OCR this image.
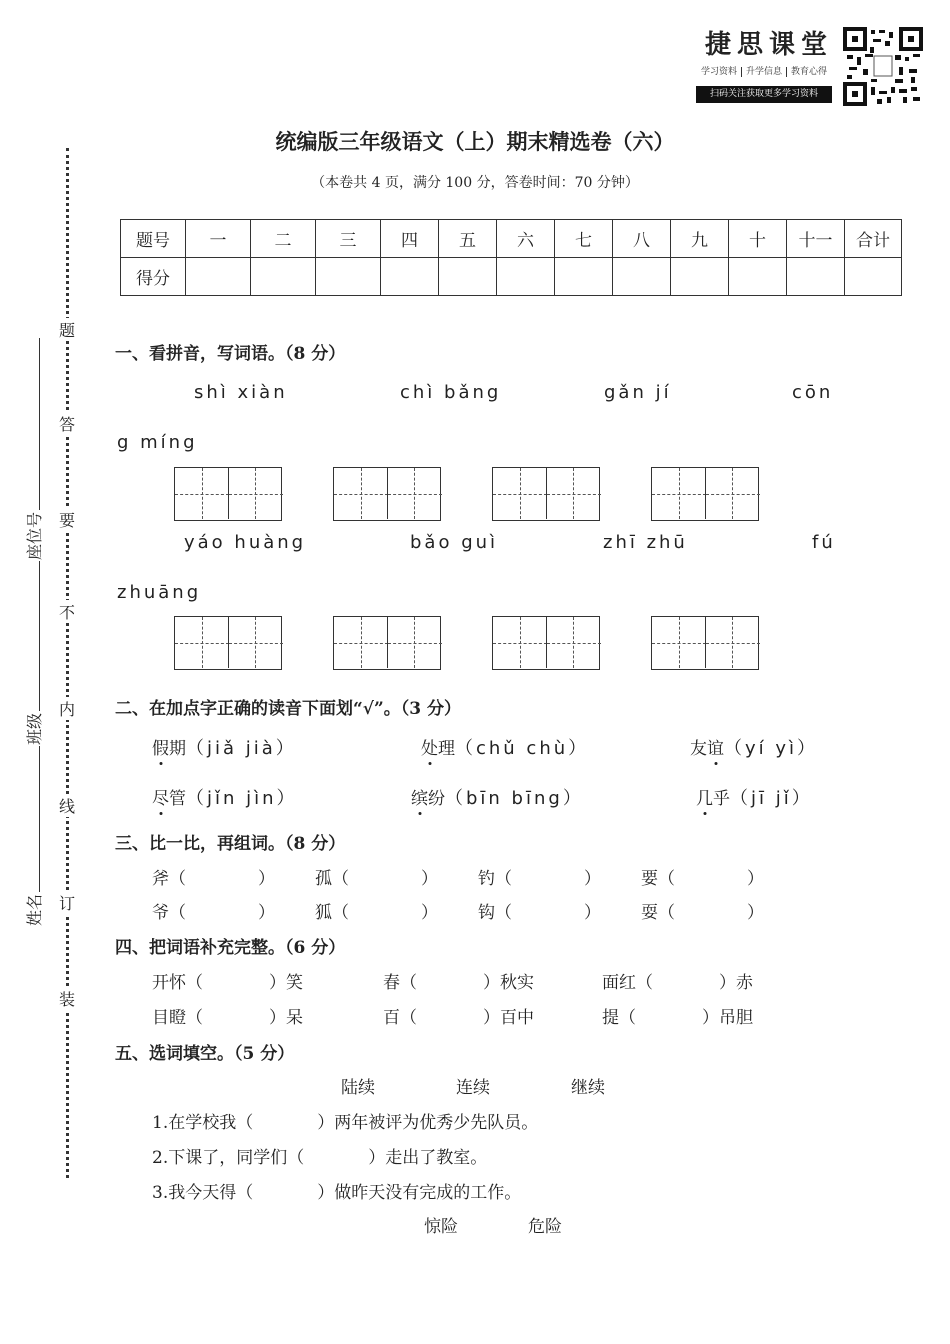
捷思课堂
学习资料 升学信息 教育心得
扫码关注获取更多学习资料
统编版三年级语文（上）期末精选卷（六）
（本卷共 4 页，满分 100 分，答卷时间：70 分钟）
题号	一	二	三	四	五	六	七	八	九	十	十一	合计
得分												
题
答
要
不
内
线
订
装
座位号
班级
姓名
一、看拼音，写词语。（8 分）
shì xiàn	chì bǎng	gǎn jí	cōn
g míng
yáo huàng	bǎo guì	zhī zhū	fú
zhuāng
二、在加点字正确的读音下面划“√”。（3 分）
假期（jiǎ jià）	处理（chǔ chù）	友谊（yí yì）
尽管（jǐn jìn）	缤纷（bīn bīng）	几乎（jī jǐ）
三、比一比，再组词。（8 分）
斧（	） 孤（	） 钓（	） 要（	）
爷（	） 狐（	） 钩（	） 耍（	）
四、把词语补充完整。（6 分）
开怀（	）笑	春（	）秋实	面红（	）赤
目瞪（	）呆	百（	）百中	提（	）吊胆
五、选词填空。（5 分）
陆续	连续	继续
1.在学校我（	）两年被评为优秀少先队员。
2.下课了，同学们（	）走出了教室。
3.我今天得（	）做昨天没有完成的工作。
惊险	危险
